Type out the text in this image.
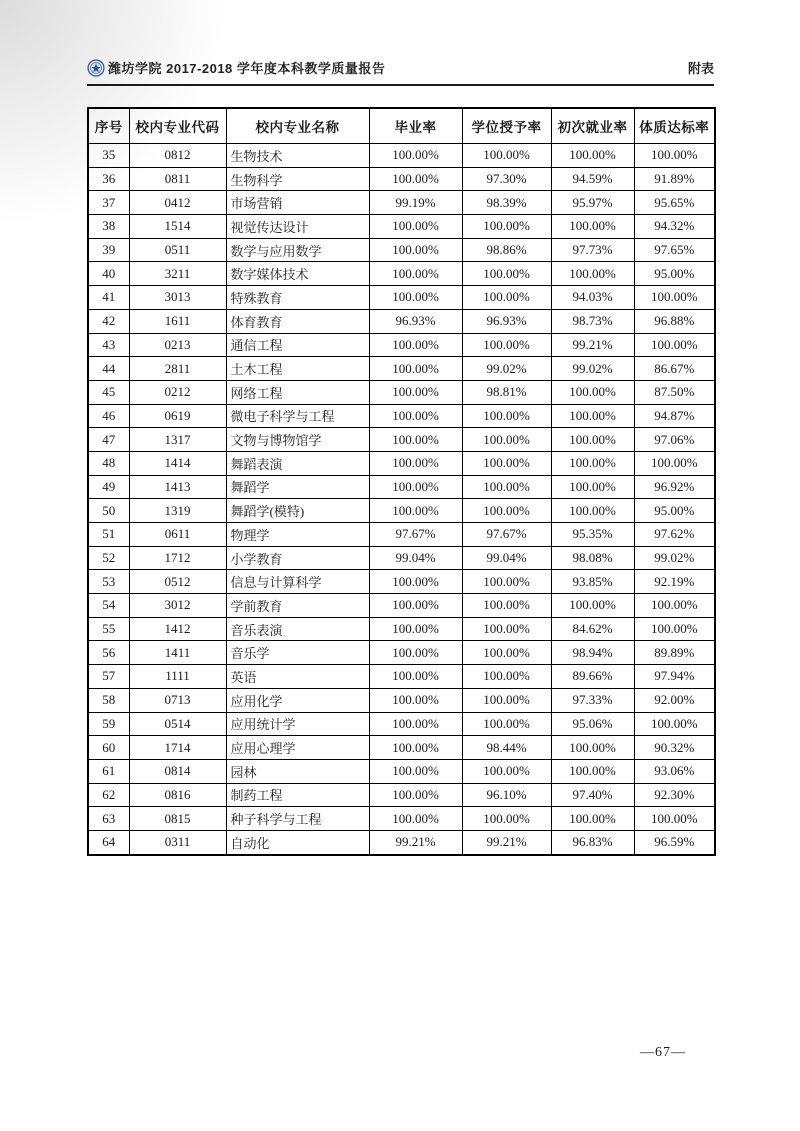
潍坊学院 2017-2018 学年度本科教学质量报告	附表
序号	校内专业代码	校内专业名称	毕业率	学位授予率	初次就业率	体质达标率
35	0812	生物技术	100.00%	100.00%	100.00%	100.00%
36	0811	生物科学	100.00%	97.30%	94.59%	91.89%
37	0412	市场营销	99.19%	98.39%	95.97%	95.65%
38	1514	视觉传达设计	100.00%	100.00%	100.00%	94.32%
39	0511	数学与应用数学	100.00%	98.86%	97.73%	97.65%
40	3211	数字媒体技术	100.00%	100.00%	100.00%	95.00%
41	3013	特殊教育	100.00%	100.00%	94.03%	100.00%
42	1611	体育教育	96.93%	96.93%	98.73%	96.88%
43	0213	通信工程	100.00%	100.00%	99.21%	100.00%
44	2811	土木工程	100.00%	99.02%	99.02%	86.67%
45	0212	网络工程	100.00%	98.81%	100.00%	87.50%
46	0619	微电子科学与工程	100.00%	100.00%	100.00%	94.87%
47	1317	文物与博物馆学	100.00%	100.00%	100.00%	97.06%
48	1414	舞蹈表演	100.00%	100.00%	100.00%	100.00%
49	1413	舞蹈学	100.00%	100.00%	100.00%	96.92%
50	1319	舞蹈学(模特)	100.00%	100.00%	100.00%	95.00%
51	0611	物理学	97.67%	97.67%	95.35%	97.62%
52	1712	小学教育	99.04%	99.04%	98.08%	99.02%
53	0512	信息与计算科学	100.00%	100.00%	93.85%	92.19%
54	3012	学前教育	100.00%	100.00%	100.00%	100.00%
55	1412	音乐表演	100.00%	100.00%	84.62%	100.00%
56	1411	音乐学	100.00%	100.00%	98.94%	89.89%
57	1111	英语	100.00%	100.00%	89.66%	97.94%
58	0713	应用化学	100.00%	100.00%	97.33%	92.00%
59	0514	应用统计学	100.00%	100.00%	95.06%	100.00%
60	1714	应用心理学	100.00%	98.44%	100.00%	90.32%
61	0814	园林	100.00%	100.00%	100.00%	93.06%
62	0816	制药工程	100.00%	96.10%	97.40%	92.30%
63	0815	种子科学与工程	100.00%	100.00%	100.00%	100.00%
64	0311	自动化	99.21%	99.21%	96.83%	96.59%
—67—
